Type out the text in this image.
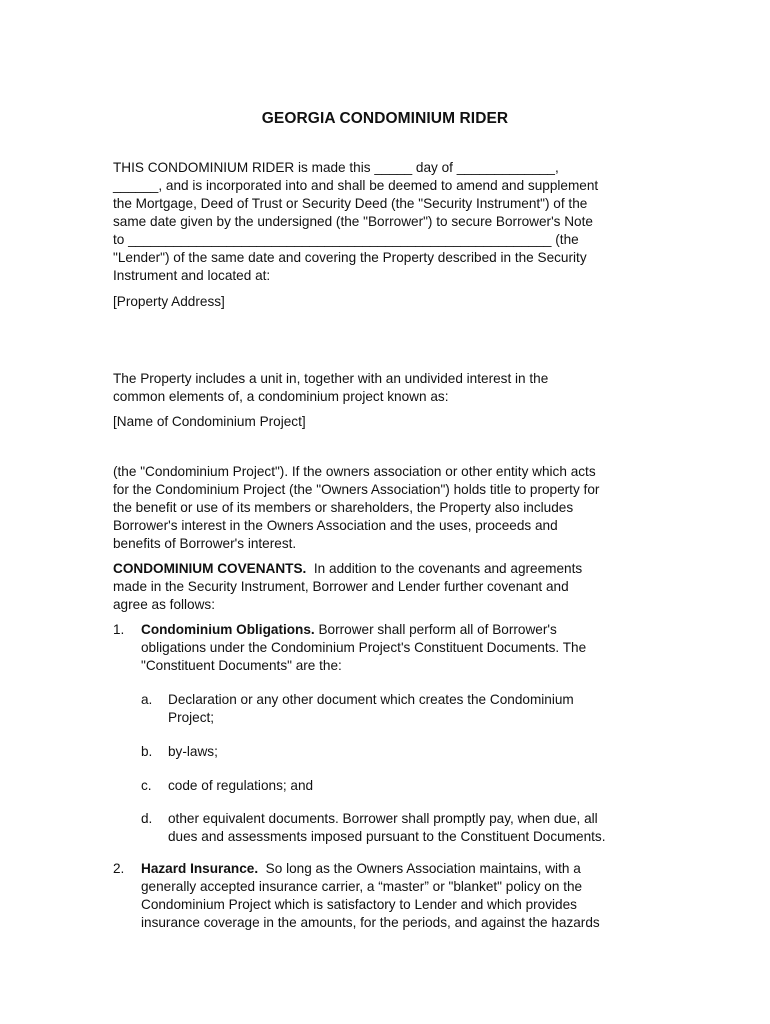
GEORGIA CONDOMINIUM RIDER
THIS CONDOMINIUM RIDER is made this _____ day of _____________,
______, and is incorporated into and shall be deemed to amend and supplement
the Mortgage, Deed of Trust or Security Deed (the "Security Instrument") of the
same date given by the undersigned (the "Borrower") to secure Borrower's Note
to ________________________________________________________ (the
"Lender") of the same date and covering the Property described in the Security
Instrument and located at:
[Property Address]
The Property includes a unit in, together with an undivided interest in the
common elements of, a condominium project known as:
[Name of Condominium Project]
(the "Condominium Project"). If the owners association or other entity which acts
for the Condominium Project (the "Owners Association") holds title to property for
the benefit or use of its members or shareholders, the Property also includes
Borrower's interest in the Owners Association and the uses, proceeds and
benefits of Borrower's interest.
CONDOMINIUM COVENANTS.  In addition to the covenants and agreements
made in the Security Instrument, Borrower and Lender further covenant and
agree as follows:
1. Condominium Obligations. Borrower shall perform all of Borrower's
obligations under the Condominium Project's Constituent Documents. The
"Constituent Documents" are the:
a. Declaration or any other document which creates the Condominium
Project;
b. by-laws;
c. code of regulations; and
d. other equivalent documents. Borrower shall promptly pay, when due, all
dues and assessments imposed pursuant to the Constituent Documents.
2. Hazard Insurance.  So long as the Owners Association maintains, with a
generally accepted insurance carrier, a “master” or "blanket" policy on the
Condominium Project which is satisfactory to Lender and which provides
insurance coverage in the amounts, for the periods, and against the hazards
